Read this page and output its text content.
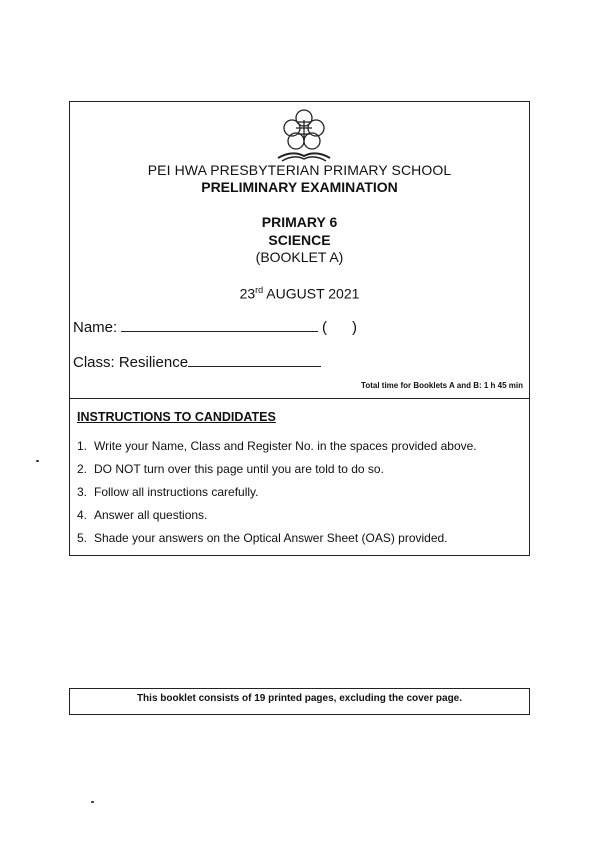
PEI HWA PRESBYTERIAN PRIMARY SCHOOL
PRELIMINARY EXAMINATION
PRIMARY 6
SCIENCE
(BOOKLET A)
23rd AUGUST 2021
Name:	(      )
Class: Resilience
Total time for Booklets A and B: 1 h 45 min
INSTRUCTIONS TO CANDIDATES
1. Write your Name, Class and Register No. in the spaces provided above.
2. DO NOT turn over this page until you are told to do so.
3. Follow all instructions carefully.
4. Answer all questions.
5. Shade your answers on the Optical Answer Sheet (OAS) provided.
This booklet consists of 19 printed pages, excluding the cover page.
